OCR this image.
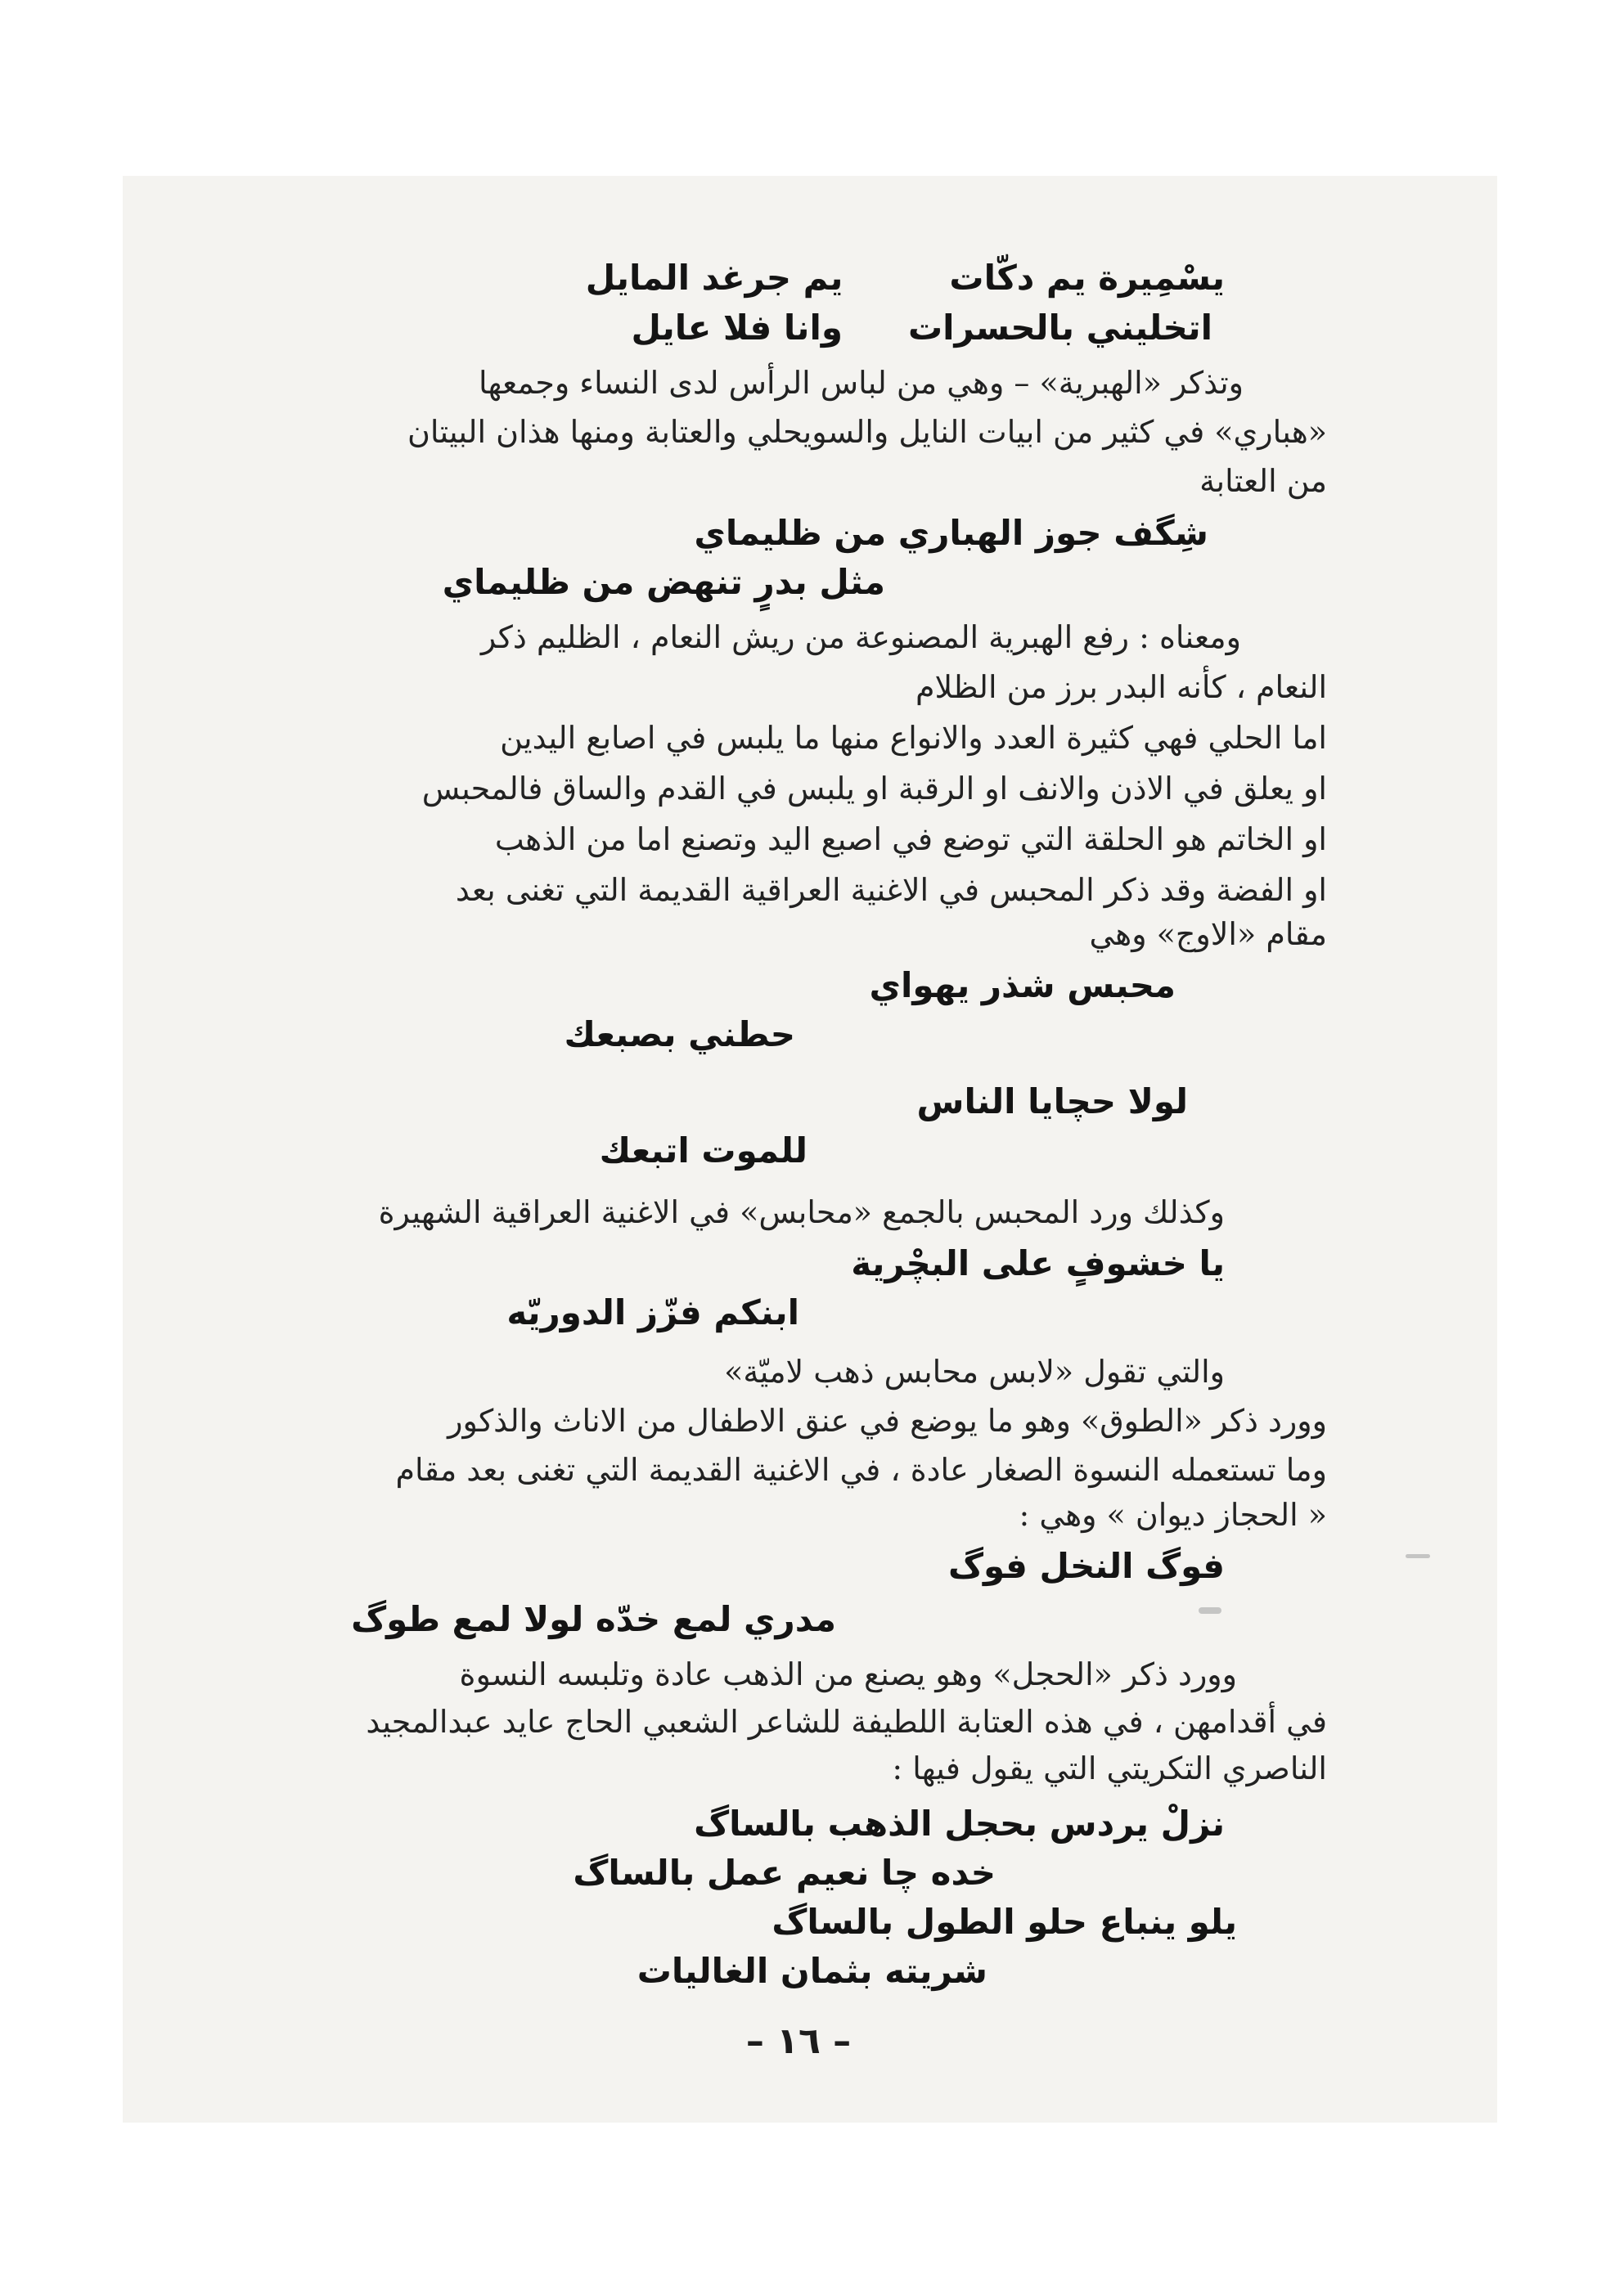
يسْمِيرة يم دكّاتيم جرغد المايل
اتخليني بالحسراتوانا فلا عايل
وتذكر «الهبرية» – وهي من لباس الرأس لدى النساء وجمعها
«هباري» في كثير من ابيات النايل والسويحلي والعتابة ومنها هذان البيتان
من العتابة
شِگف جوز الهباري من ظليماي
مثل بدرٍ تنهض من ظليماي
ومعناه : رفع الهبرية المصنوعة من ريش النعام ، الظليم ذكر
النعام ، كأنه البدر برز من الظلام
اما الحلي فهي كثيرة العدد والانواع منها ما يلبس في اصابع اليدين
او يعلق في الاذن والانف او الرقبة او يلبس في القدم والساق فالمحبس
او الخاتم هو الحلقة التي توضع في اصبع اليد وتصنع اما من الذهب
او الفضة وقد ذكر المحبس في الاغنية العراقية القديمة التي تغنى بعد
مقام «الاوج» وهي
محبس شذر يهواي
حطني بصبعك
لولا حچايا الناس
للموت اتبعك
وكذلك ورد المحبس بالجمع «محابس» في الاغنية العراقية الشهيرة
يا خشوفٍ على البچْرية
ابنكم فزّز الدوريّه
والتي تقول «لابس محابس ذهب لاميّة»
وورد ذكر «الطوق» وهو ما يوضع في عنق الاطفال من الاناث والذكور
وما تستعمله النسوة الصغار عادة ، في الاغنية القديمة التي تغنى بعد مقام
« الحجاز ديوان » وهي :
فوگ النخل فوگ
مدري لمع خدّه لولا لمع طوگ
وورد ذكر «الحجل» وهو يصنع من الذهب عادة وتلبسه النسوة
في أقدامهن ، في هذه العتابة اللطيفة للشاعر الشعبي الحاج عايد عبدالمجيد
الناصري التكريتي التي يقول فيها :
نزلْ يردس بحجل الذهب بالساگ
خده چا نعيم عمل بالساگ
يلو ينباع حلو الطول بالساگ
شريته بثمان الغاليات
– ١٦ –
